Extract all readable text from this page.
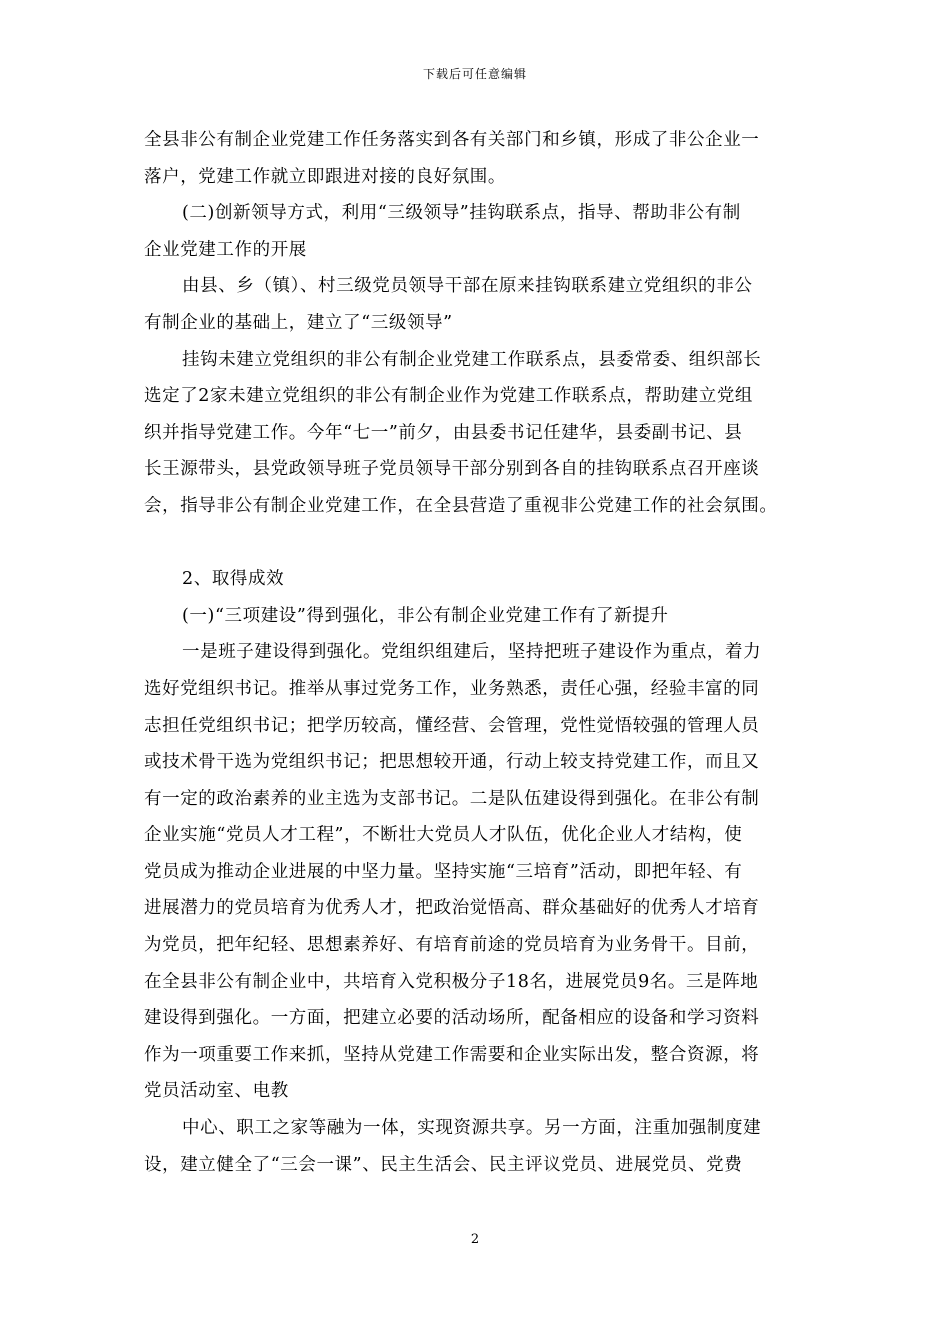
下载后可任意编辑
全县非公有制企业党建工作任务落实到各有关部门和乡镇，形成了非公企业一
落户，党建工作就立即跟进对接的良好氛围。
(二)创新领导方式，利用“三级领导”挂钩联系点，指导、帮助非公有制
企业党建工作的开展
由县、乡（镇）、村三级党员领导干部在原来挂钩联系建立党组织的非公
有制企业的基础上，建立了“三级领导”
挂钩未建立党组织的非公有制企业党建工作联系点，县委常委、组织部长
选定了2家未建立党组织的非公有制企业作为党建工作联系点，帮助建立党组
织并指导党建工作。今年“七一”前夕，由县委书记任建华，县委副书记、县
长王源带头，县党政领导班子党员领导干部分别到各自的挂钩联系点召开座谈
会，指导非公有制企业党建工作，在全县营造了重视非公党建工作的社会氛围。
2、取得成效
(一)“三项建设”得到强化，非公有制企业党建工作有了新提升
一是班子建设得到强化。党组织组建后，坚持把班子建设作为重点，着力
选好党组织书记。推举从事过党务工作，业务熟悉，责任心强，经验丰富的同
志担任党组织书记；把学历较高，懂经营、会管理，党性觉悟较强的管理人员
或技术骨干选为党组织书记；把思想较开通，行动上较支持党建工作，而且又
有一定的政治素养的业主选为支部书记。二是队伍建设得到强化。在非公有制
企业实施“党员人才工程”，不断壮大党员人才队伍，优化企业人才结构，使
党员成为推动企业进展的中坚力量。坚持实施“三培育”活动，即把年轻、有
进展潜力的党员培育为优秀人才，把政治觉悟高、群众基础好的优秀人才培育
为党员，把年纪轻、思想素养好、有培育前途的党员培育为业务骨干。目前，
在全县非公有制企业中，共培育入党积极分子18名，进展党员9名。三是阵地
建设得到强化。一方面，把建立必要的活动场所，配备相应的设备和学习资料
作为一项重要工作来抓，坚持从党建工作需要和企业实际出发，整合资源，将
党员活动室、电教
中心、职工之家等融为一体，实现资源共享。另一方面，注重加强制度建
设，建立健全了“三会一课”、民主生活会、民主评议党员、进展党员、党费
2
